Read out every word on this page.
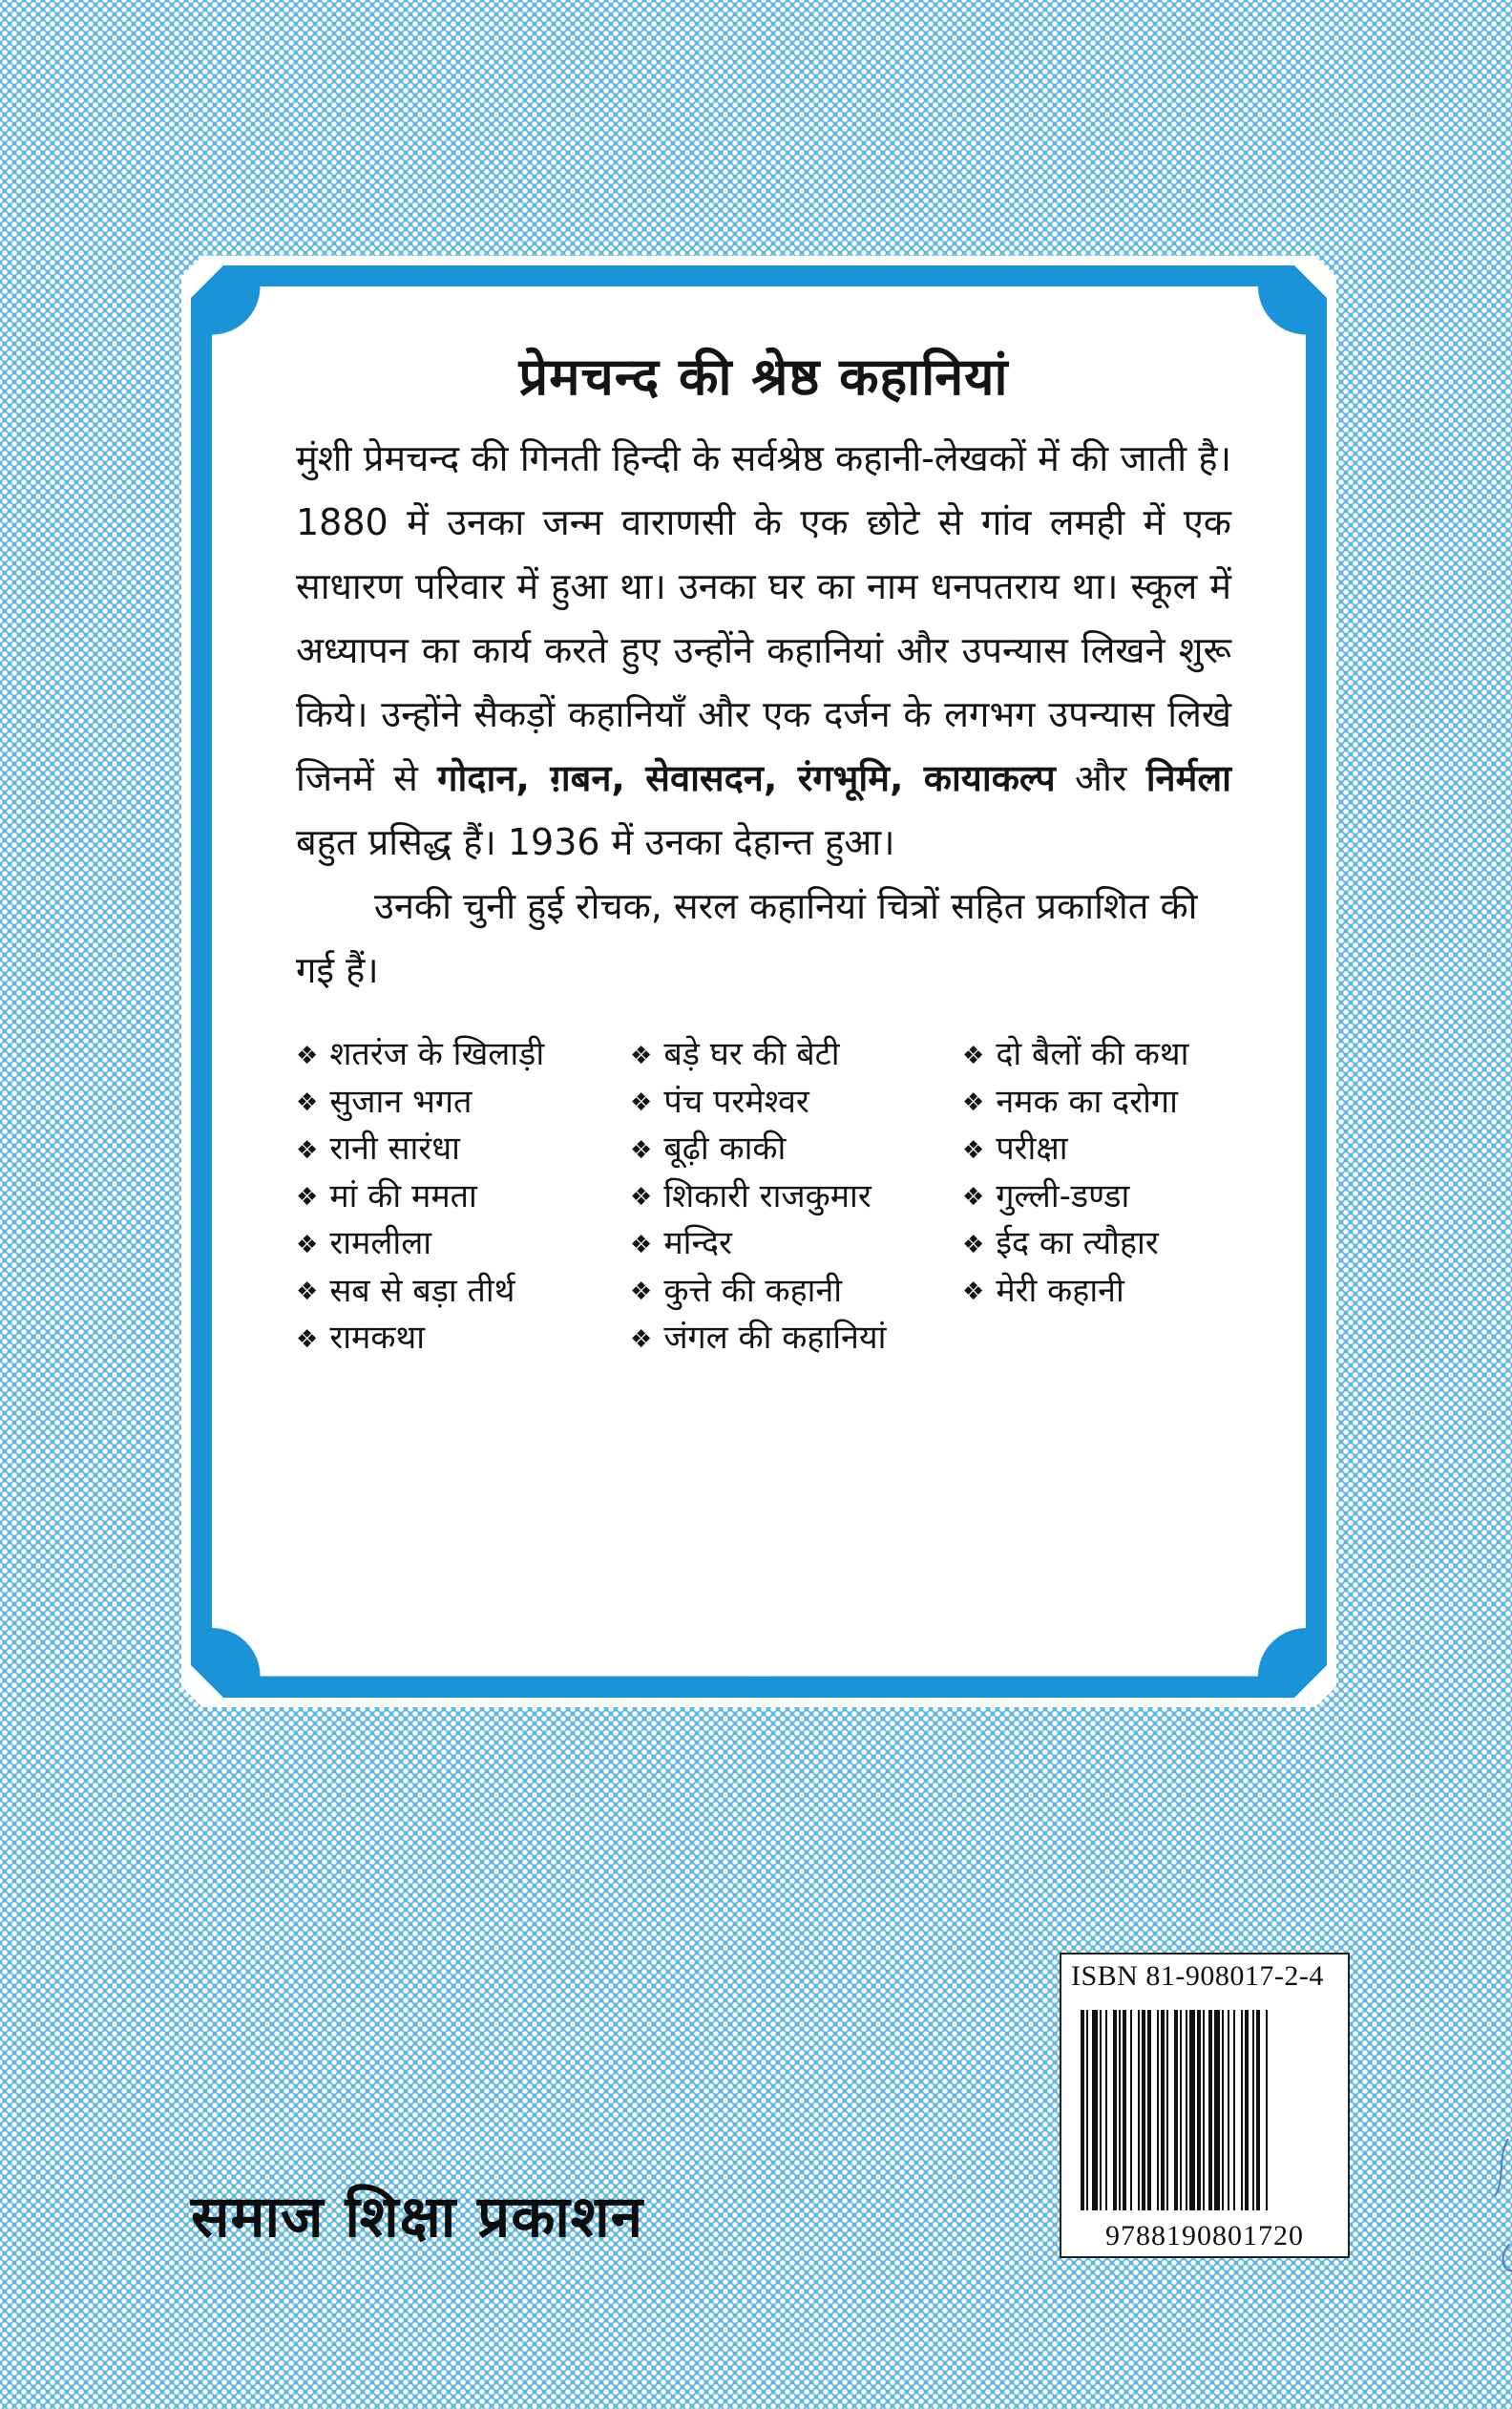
प्रेमचन्द की श्रेष्ठ कहानियां

मुंशी प्रेमचन्द की गिनती हिन्दी के सर्वश्रेष्ठ कहानी-लेखकों में की जाती है। 1880 में उनका जन्म वाराणसी के एक छोटे से गांव लमही में एक साधारण परिवार में हुआ था। उनका घर का नाम धनपतराय था। स्कूल में अध्यापन का कार्य करते हुए उन्होंने कहानियां और उपन्यास लिखने शुरू किये। उन्होंने सैकड़ों कहानियाँ और एक दर्जन के लगभग उपन्यास लिखे जिनमें से गोदान, ग़बन, सेवासदन, रंगभूमि, कायाकल्प और निर्मला बहुत प्रसिद्ध हैं। 1936 में उनका देहान्त हुआ।

उनकी चुनी हुई रोचक, सरल कहानियां चित्रों सहित प्रकाशित की गई हैं।

❖ शतरंज के खिलाड़ी
❖ सुजान भगत
❖ रानी सारंधा
❖ मां की ममता
❖ रामलीला
❖ सब से बड़ा तीर्थ
❖ रामकथा
❖ बड़े घर की बेटी
❖ पंच परमेश्वर
❖ बूढ़ी काकी
❖ शिकारी राजकुमार
❖ मन्दिर
❖ कुत्ते की कहानी
❖ जंगल की कहानियां
❖ दो बैलों की कथा
❖ नमक का दरोगा
❖ परीक्षा
❖ गुल्ली-डण्डा
❖ ईद का त्यौहार
❖ मेरी कहानी
ISBN 81-908017-2-4
9788190801720
समाज शिक्षा प्रकाशन
